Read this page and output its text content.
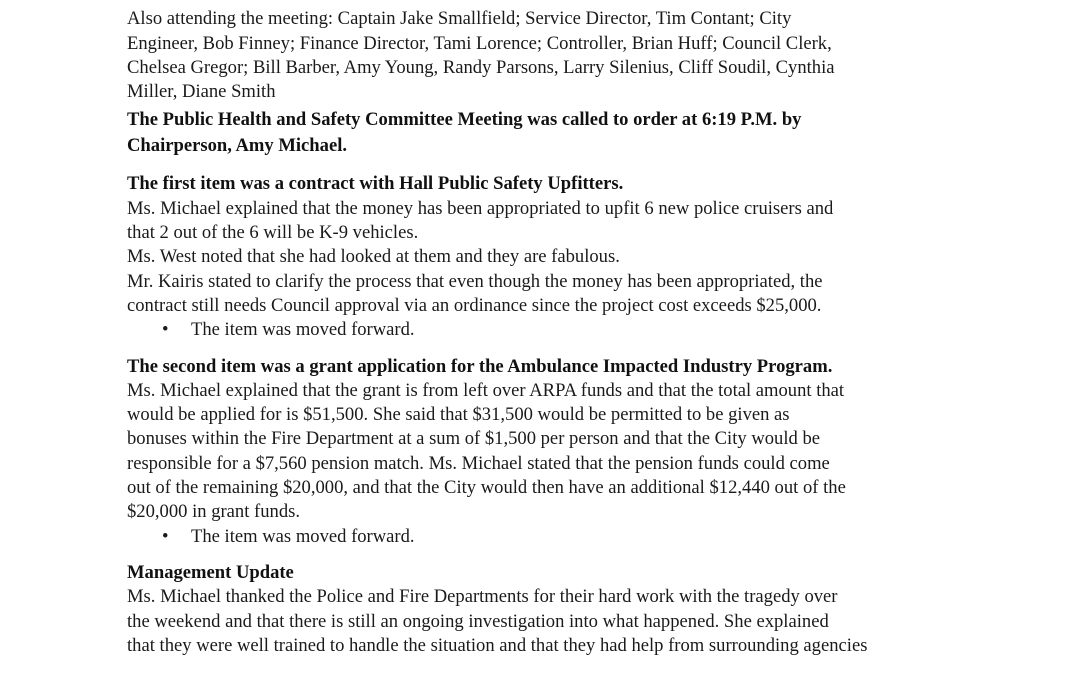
Also attending the meeting: Captain Jake Smallfield; Service Director, Tim Contant; City
Engineer, Bob Finney; Finance Director, Tami Lorence; Controller, Brian Huff; Council Clerk,
Chelsea Gregor; Bill Barber, Amy Young, Randy Parsons, Larry Silenius, Cliff Soudil, Cynthia
Miller, Diane Smith
The Public Health and Safety Committee Meeting was called to order at 6:19 P.M. by
Chairperson, Amy Michael.
The first item was a contract with Hall Public Safety Upfitters.
Ms. Michael explained that the money has been appropriated to upfit 6 new police cruisers and
that 2 out of the 6 will be K-9 vehicles.
Ms. West noted that she had looked at them and they are fabulous.
Mr. Kairis stated to clarify the process that even though the money has been appropriated, the
contract still needs Council approval via an ordinance since the project cost exceeds $25,000.
• The item was moved forward.
The second item was a grant application for the Ambulance Impacted Industry Program.
Ms. Michael explained that the grant is from left over ARPA funds and that the total amount that
would be applied for is $51,500. She said that $31,500 would be permitted to be given as
bonuses within the Fire Department at a sum of $1,500 per person and that the City would be
responsible for a $7,560 pension match. Ms. Michael stated that the pension funds could come
out of the remaining $20,000, and that the City would then have an additional $12,440 out of the
$20,000 in grant funds.
• The item was moved forward.
Management Update
Ms. Michael thanked the Police and Fire Departments for their hard work with the tragedy over
the weekend and that there is still an ongoing investigation into what happened. She explained
that they were well trained to handle the situation and that they had help from surrounding agencies
